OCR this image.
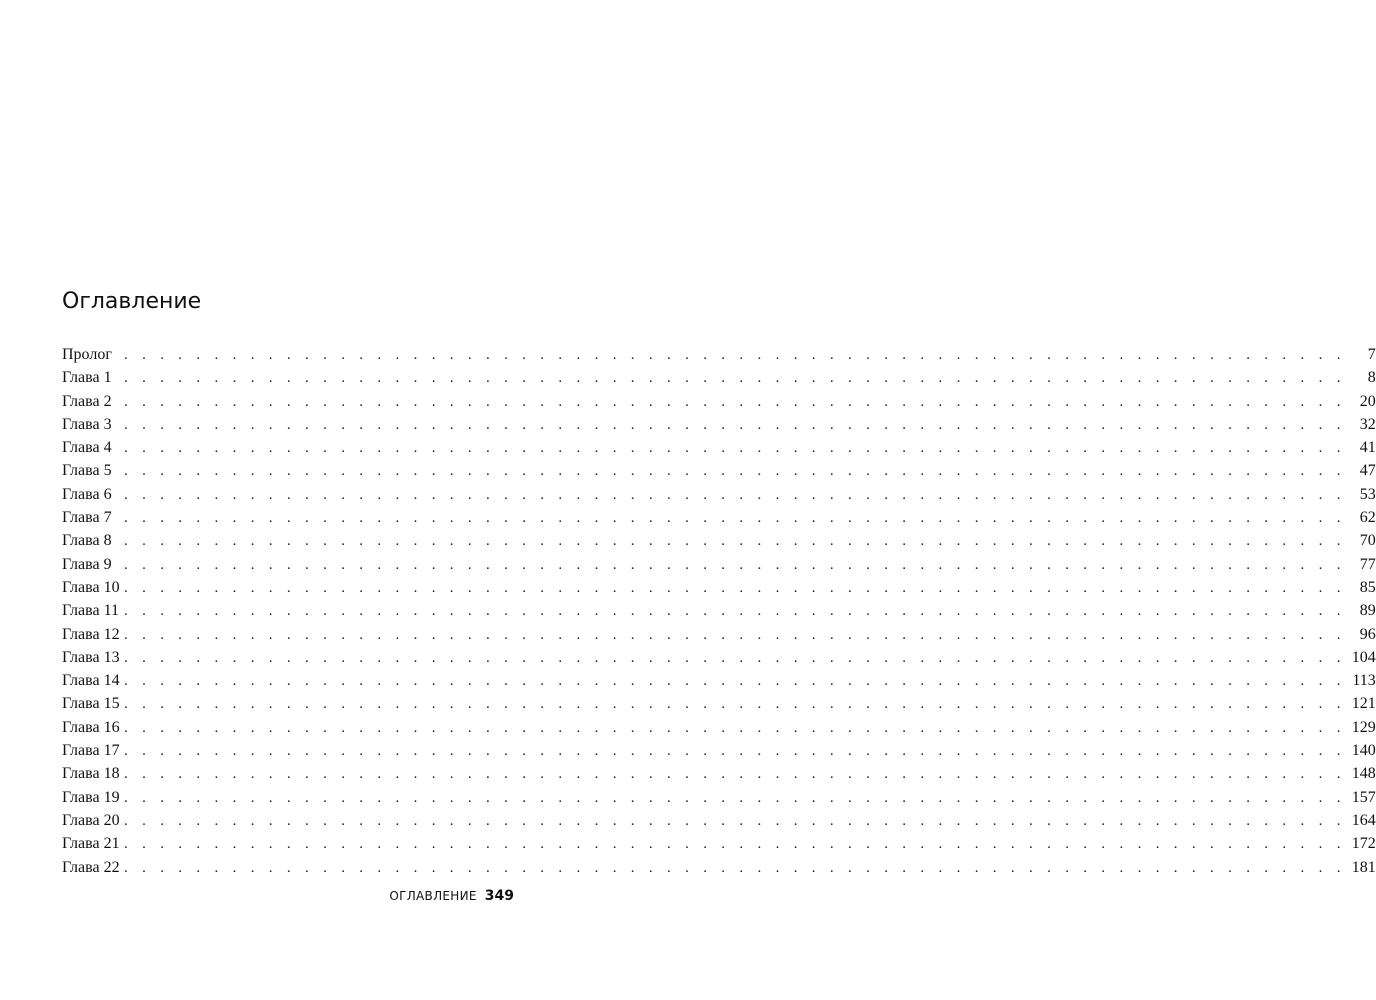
Оглавление
Пролог . . . . . . . . . . . . . . . . . . . . . . . . . . . . . . . . . . . . . . . . . . . . . . . . . . . . . . . . . . . . . . . . . . . .	7
Глава 1 . . . . . . . . . . . . . . . . . . . . . . . . . . . . . . . . . . . . . . . . . . . . . . . . . . . . . . . . . . . . . . . . . . . .	8
Глава 2 . . . . . . . . . . . . . . . . . . . . . . . . . . . . . . . . . . . . . . . . . . . . . . . . . . . . . . . . . . . . . . . . . . . . 20
Глава 3 . . . . . . . . . . . . . . . . . . . . . . . . . . . . . . . . . . . . . . . . . . . . . . . . . . . . . . . . . . . . . . . . . . . . 32
Глава 4 . . . . . . . . . . . . . . . . . . . . . . . . . . . . . . . . . . . . . . . . . . . . . . . . . . . . . . . . . . . . . . . . . . . . 41
Глава 5 . . . . . . . . . . . . . . . . . . . . . . . . . . . . . . . . . . . . . . . . . . . . . . . . . . . . . . . . . . . . . . . . . . . . 47
Глава 6 . . . . . . . . . . . . . . . . . . . . . . . . . . . . . . . . . . . . . . . . . . . . . . . . . . . . . . . . . . . . . . . . . . . . 53
Глава 7 . . . . . . . . . . . . . . . . . . . . . . . . . . . . . . . . . . . . . . . . . . . . . . . . . . . . . . . . . . . . . . . . . . . . 62
Глава 8 . . . . . . . . . . . . . . . . . . . . . . . . . . . . . . . . . . . . . . . . . . . . . . . . . . . . . . . . . . . . . . . . . . . . 70
Глава 9 . . . . . . . . . . . . . . . . . . . . . . . . . . . . . . . . . . . . . . . . . . . . . . . . . . . . . . . . . . . . . . . . . . . . 77
Глава 10 . . . . . . . . . . . . . . . . . . . . . . . . . . . . . . . . . . . . . . . . . . . . . . . . . . . . . . . . . . . . . . . . . . . . 85
Глава 11 . . . . . . . . . . . . . . . . . . . . . . . . . . . . . . . . . . . . . . . . . . . . . . . . . . . . . . . . . . . . . . . . . . . . 89
Глава 12 . . . . . . . . . . . . . . . . . . . . . . . . . . . . . . . . . . . . . . . . . . . . . . . . . . . . . . . . . . . . . . . . . . . . 96
Глава 13 . . . . . . . . . . . . . . . . . . . . . . . . . . . . . . . . . . . . . . . . . . . . . . . . . . . . . . . . . . . . . . . . . . . . 104
Глава 14 . . . . . . . . . . . . . . . . . . . . . . . . . . . . . . . . . . . . . . . . . . . . . . . . . . . . . . . . . . . . . . . . . . . . 113
Глава 15 . . . . . . . . . . . . . . . . . . . . . . . . . . . . . . . . . . . . . . . . . . . . . . . . . . . . . . . . . . . . . . . . . . . . 121
Глава 16 . . . . . . . . . . . . . . . . . . . . . . . . . . . . . . . . . . . . . . . . . . . . . . . . . . . . . . . . . . . . . . . . . . . . 129
Глава 17 . . . . . . . . . . . . . . . . . . . . . . . . . . . . . . . . . . . . . . . . . . . . . . . . . . . . . . . . . . . . . . . . . . . . 140
Глава 18 . . . . . . . . . . . . . . . . . . . . . . . . . . . . . . . . . . . . . . . . . . . . . . . . . . . . . . . . . . . . . . . . . . . . 148
Глава 19 . . . . . . . . . . . . . . . . . . . . . . . . . . . . . . . . . . . . . . . . . . . . . . . . . . . . . . . . . . . . . . . . . . . . 157
Глава 20 . . . . . . . . . . . . . . . . . . . . . . . . . . . . . . . . . . . . . . . . . . . . . . . . . . . . . . . . . . . . . . . . . . . . 164
Глава 21 . . . . . . . . . . . . . . . . . . . . . . . . . . . . . . . . . . . . . . . . . . . . . . . . . . . . . . . . . . . . . . . . . . . . 172
Глава 22 . . . . . . . . . . . . . . . . . . . . . . . . . . . . . . . . . . . . . . . . . . . . . . . . . . . . . . . . . . . . . . . . . . . . 181
ОГЛАВЛЕНИЕ 349
